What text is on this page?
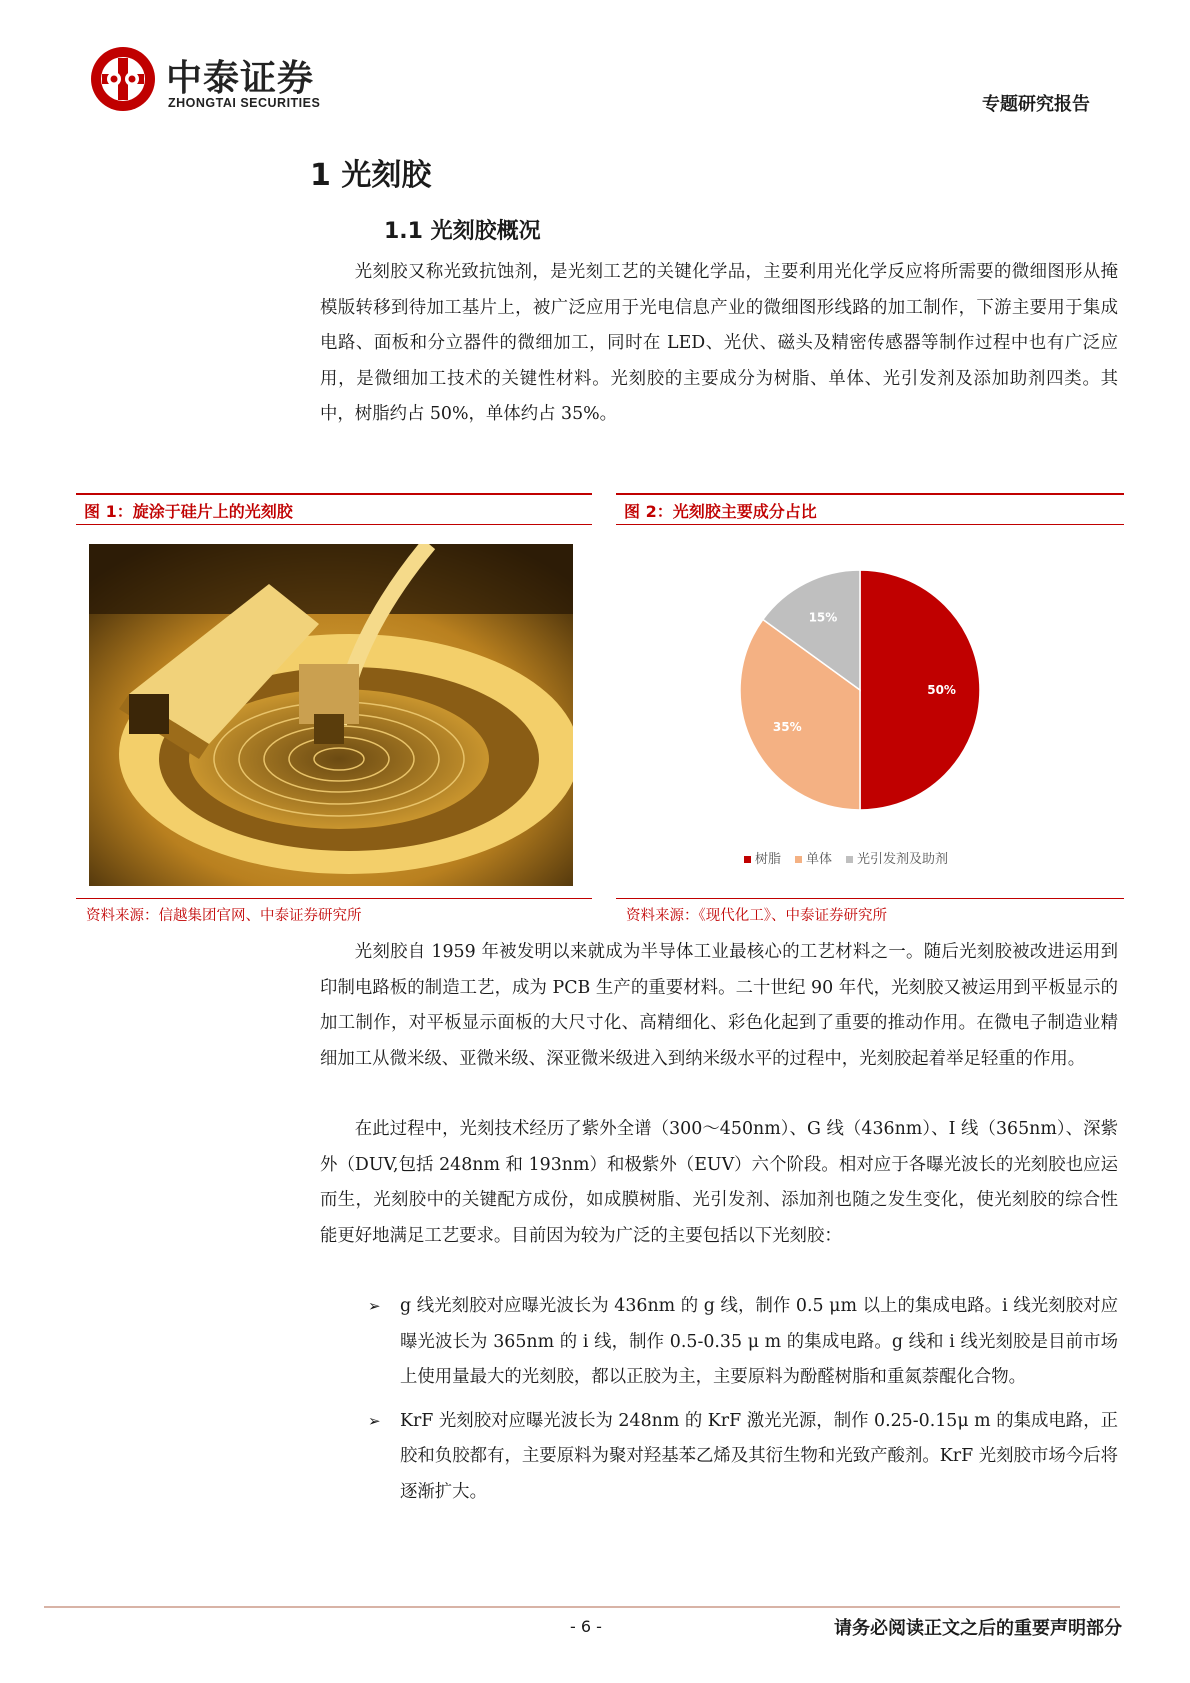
中泰证券
ZHONGTAI SECURITIES	专题研究报告
1 光刻胶
1.1 光刻胶概况

光刻胶又称光致抗蚀剂，是光刻工艺的关键化学品，主要利用光化学反应将所需要的微细图形从掩模版转移到待加工基片上，被广泛应用于光电信息产业的微细图形线路的加工制作，下游主要用于集成电路、面板和分立器件的微细加工，同时在 LED、光伏、磁头及精密传感器等制作过程中也有广泛应用，是微细加工技术的关键性材料。光刻胶的主要成分为树脂、单体、光引发剂及添加助剂四类。其中，树脂约占 50%，单体约占 35%。

图 1：旋涂于硅片上的光刻胶
资料来源：信越集团官网、中泰证券研究所
图 2：光刻胶主要成分占比
50%
35%
15%
树脂 单体 光引发剂及助剂
资料来源：《现代化工》、中泰证券研究所

光刻胶自 1959 年被发明以来就成为半导体工业最核心的工艺材料之一。随后光刻胶被改进运用到印制电路板的制造工艺，成为 PCB 生产的重要材料。二十世纪 90 年代，光刻胶又被运用到平板显示的加工制作，对平板显示面板的大尺寸化、高精细化、彩色化起到了重要的推动作用。在微电子制造业精细加工从微米级、亚微米级、深亚微米级进入到纳米级水平的过程中，光刻胶起着举足轻重的作用。

在此过程中，光刻技术经历了紫外全谱（300～450nm）、G 线（436nm）、I 线（365nm）、深紫外（DUV,包括 248nm 和 193nm）和极紫外（EUV）六个阶段。相对应于各曝光波长的光刻胶也应运而生，光刻胶中的关键配方成份，如成膜树脂、光引发剂、添加剂也随之发生变化，使光刻胶的综合性能更好地满足工艺要求。目前因为较为广泛的主要包括以下光刻胶：

➢ g 线光刻胶对应曝光波长为 436nm 的 g 线，制作 0.5 μm 以上的集成电路。i 线光刻胶对应曝光波长为 365nm 的 i 线，制作 0.5-0.35 μ m 的集成电路。g 线和 i 线光刻胶是目前市场上使用量最大的光刻胶，都以正胶为主，主要原料为酚醛树脂和重氮萘醌化合物。
➢ KrF 光刻胶对应曝光波长为 248nm 的 KrF 激光光源，制作 0.25-0.15μ m 的集成电路，正胶和负胶都有，主要原料为聚对羟基苯乙烯及其衍生物和光致产酸剂。KrF 光刻胶市场今后将逐渐扩大。
- 6 -	请务必阅读正文之后的重要声明部分
